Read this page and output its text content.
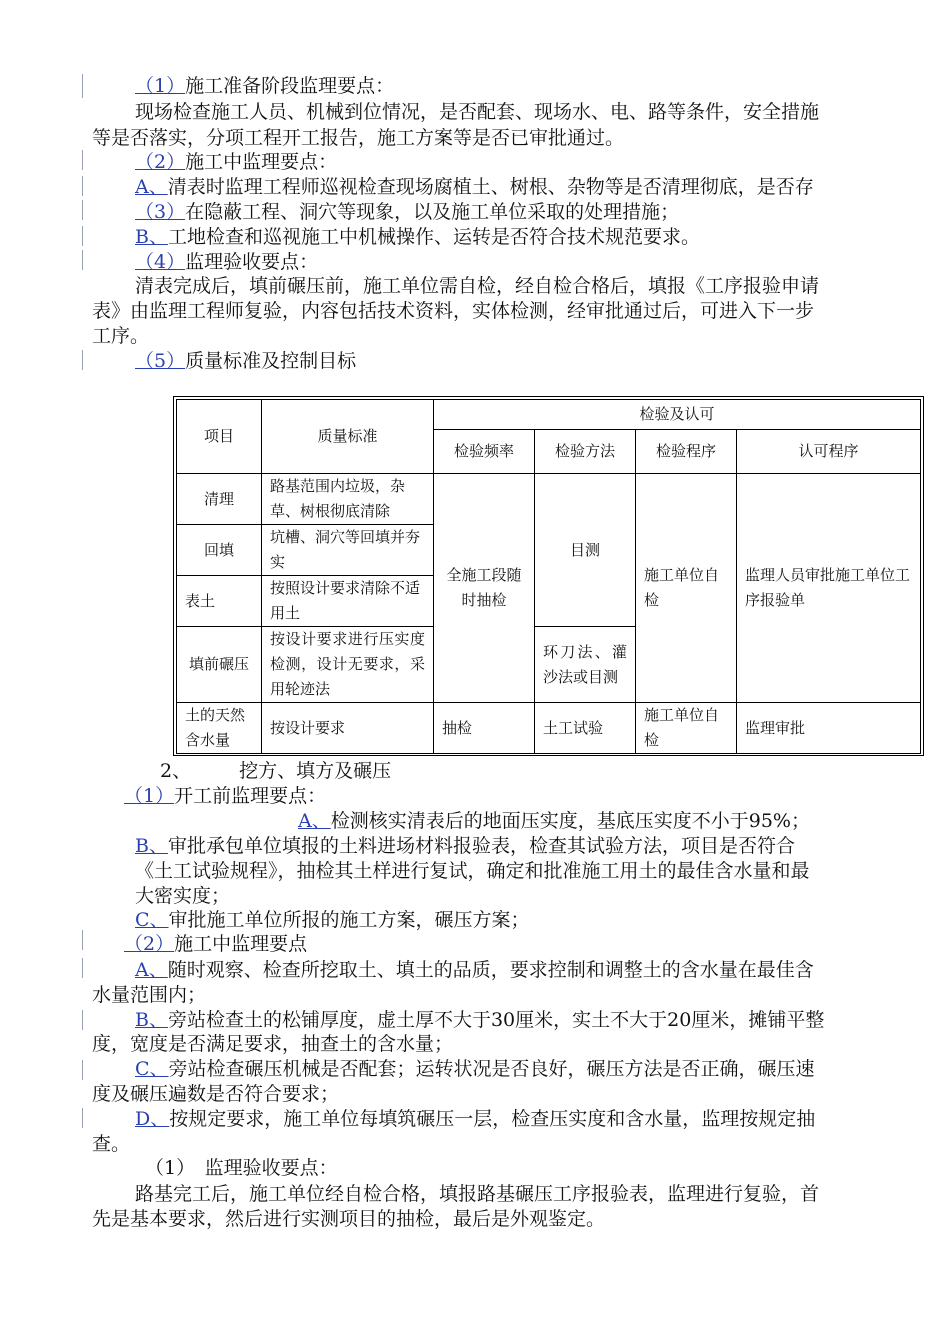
（1）施工准备阶段监理要点：
现场检查施工人员、机械到位情况，是否配套、现场水、电、路等条件，安全措施
等是否落实，分项工程开工报告，施工方案等是否已审批通过。
（2）施工中监理要点：
A、清表时监理工程师巡视检查现场腐植土、树根、杂物等是否清理彻底，是否存
（3）在隐蔽工程、洞穴等现象，以及施工单位采取的处理措施；
B、工地检查和巡视施工中机械操作、运转是否符合技术规范要求。
（4）监理验收要点：
清表完成后，填前碾压前，施工单位需自检，经自检合格后，填报《工序报验申请
表》由监理工程师复验，内容包括技术资料，实体检测，经审批通过后，可进入下一步
工序。
（5）质量标准及控制目标
项目	质量标准	检验及认可			
		检验频率	检验方法	检验程序	认可程序
清理	路基范围内垃圾，杂草、树根彻底清除	全施工段随时抽检	目测	施工单位自检	监理人员审批施工单位工序报验单
回填	坑槽、洞穴等回填并夯实				
表土	按照设计要求清除不适用土				
填前碾压	按设计要求进行压实度检测，设计无要求，采用轮迹法		环刀法、灌沙法或目测		
土的天然含水量	按设计要求	抽检	土工试验	施工单位自检	监理审批
2、	挖方、填方及碾压
（1）开工前监理要点：
A、检测核实清表后的地面压实度，基底压实度不小于95%；
B、审批承包单位填报的土料进场材料报验表，检查其试验方法，项目是否符合
《土工试验规程》，抽检其土样进行复试，确定和批准施工用土的最佳含水量和最
大密实度；
C、审批施工单位所报的施工方案，碾压方案；
（2）施工中监理要点
A、随时观察、检查所挖取土、填土的品质，要求控制和调整土的含水量在最佳含
水量范围内；
B、旁站检查土的松铺厚度，虚土厚不大于30厘米，实土不大于20厘米，摊铺平整
度，宽度是否满足要求，抽查土的含水量；
C、旁站检查碾压机械是否配套；运转状况是否良好，碾压方法是否正确，碾压速
度及碾压遍数是否符合要求；
D、按规定要求，施工单位每填筑碾压一层，检查压实度和含水量，监理按规定抽
查。
（1）　监理验收要点：
路基完工后，施工单位经自检合格，填报路基碾压工序报验表，监理进行复验，首
先是基本要求，然后进行实测项目的抽检，最后是外观鉴定。
